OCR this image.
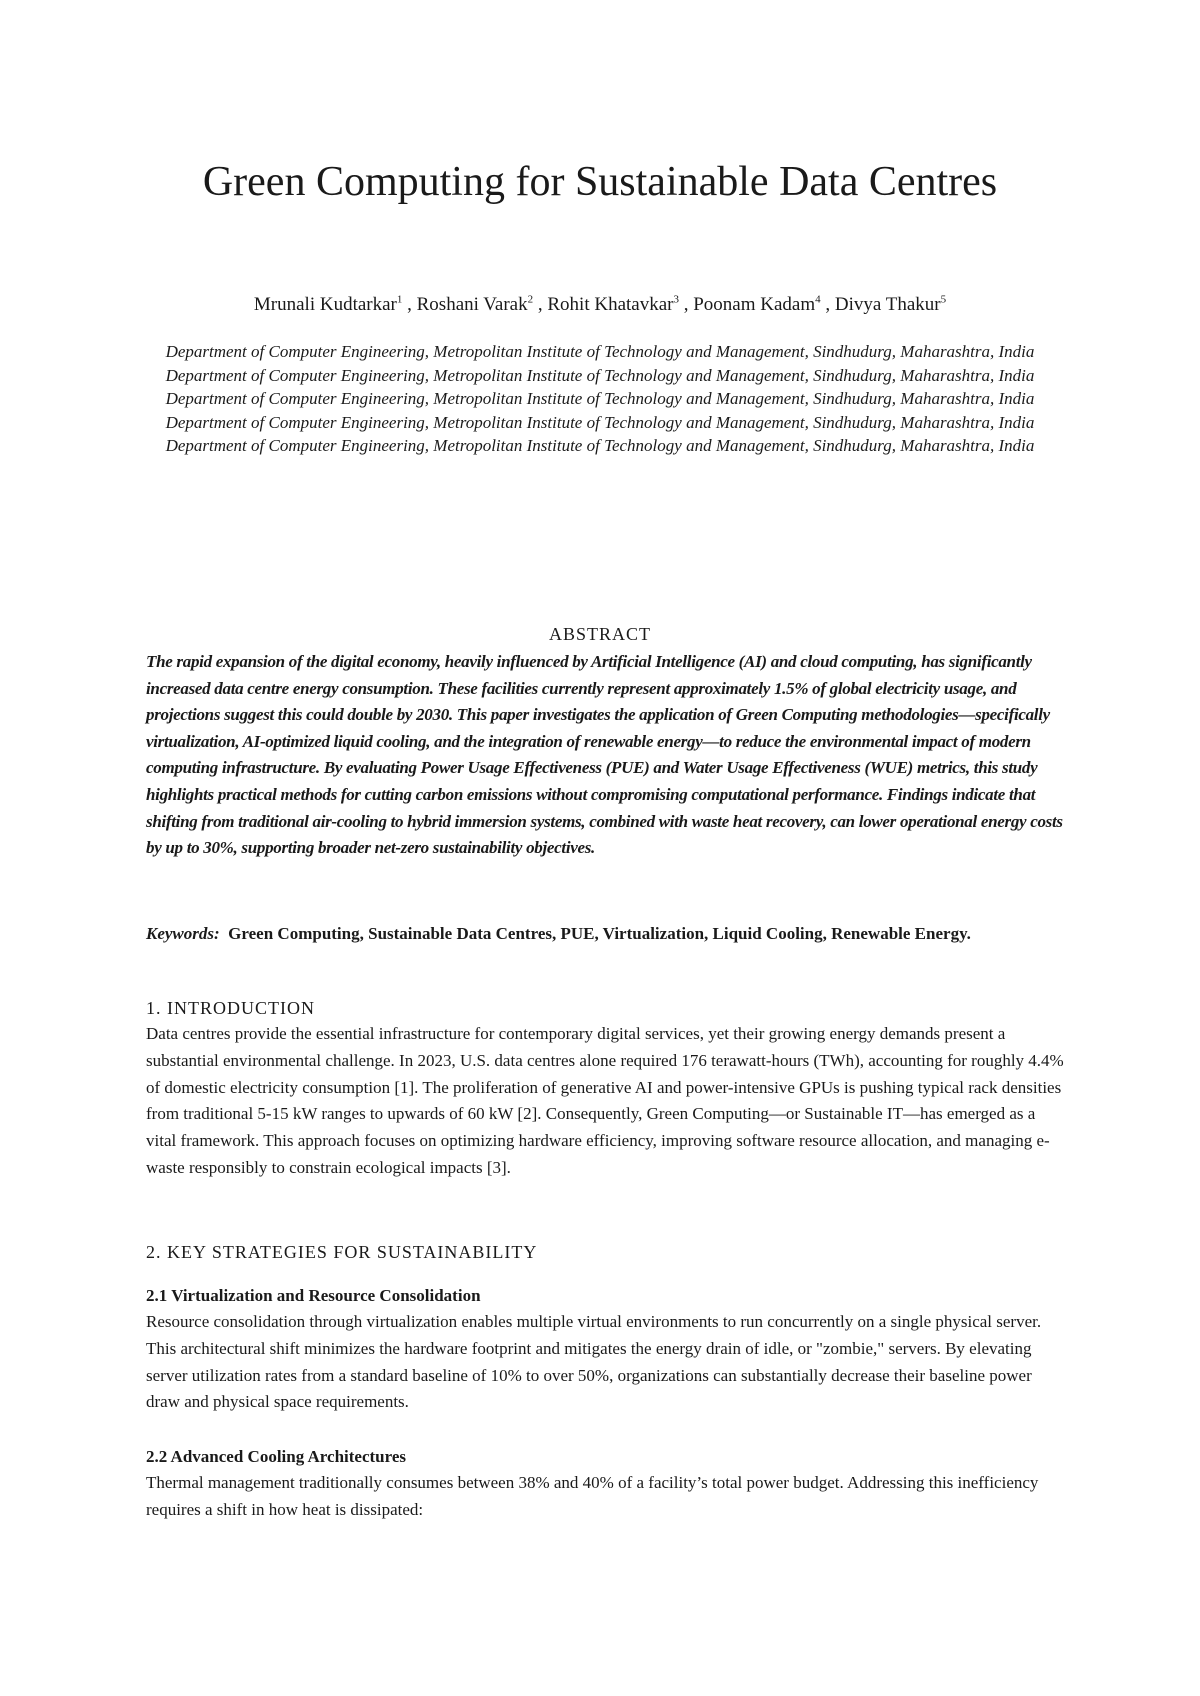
Green Computing for Sustainable Data Centres
Mrunali Kudtarkar$^1$ , Roshani Varak$^2$ , Rohit Khatavkar$^3$ , Poonam Kadam$^4$ , Divya Thakur$^5$
Department of Computer Engineering, Metropolitan Institute of Technology and Management, Sindhudurg, Maharashtra, India
Department of Computer Engineering, Metropolitan Institute of Technology and Management, Sindhudurg, Maharashtra, India
Department of Computer Engineering, Metropolitan Institute of Technology and Management, Sindhudurg, Maharashtra, India
Department of Computer Engineering, Metropolitan Institute of Technology and Management, Sindhudurg, Maharashtra, India
Department of Computer Engineering, Metropolitan Institute of Technology and Management, Sindhudurg, Maharashtra, India
ABSTRACT
The rapid expansion of the digital economy, heavily influenced by Artificial Intelligence (AI) and cloud computing, has significantly increased data centre energy consumption. These facilities currently represent approximately 1.5% of global electricity usage, and projections suggest this could double by 2030. This paper investigates the application of Green Computing methodologies—specifically virtualization, AI-optimized liquid cooling, and the integration of renewable energy—to reduce the environmental impact of modern computing infrastructure. By evaluating Power Usage Effectiveness (PUE) and Water Usage Effectiveness (WUE) metrics, this study highlights practical methods for cutting carbon emissions without compromising computational performance. Findings indicate that shifting from traditional air-cooling to hybrid immersion systems, combined with waste heat recovery, can lower operational energy costs by up to 30%, supporting broader net-zero sustainability objectives.
Keywords: Green Computing, Sustainable Data Centres, PUE, Virtualization, Liquid Cooling, Renewable Energy.
1. INTRODUCTION

Data centres provide the essential infrastructure for contemporary digital services, yet their growing energy demands present a substantial environmental challenge. In 2023, U.S. data centres alone required 176 terawatt-hours (TWh), accounting for roughly 4.4% of domestic electricity consumption [1]. The proliferation of generative AI and power-intensive GPUs is pushing typical rack densities from traditional 5-15 kW ranges to upwards of 60 kW [2]. Consequently, Green Computing—or Sustainable IT—has emerged as a vital framework. This approach focuses on optimizing hardware efficiency, improving software resource allocation, and managing e-waste responsibly to constrain ecological impacts [3].

2. KEY STRATEGIES FOR SUSTAINABILITY
2.1 Virtualization and Resource Consolidation

Resource consolidation through virtualization enables multiple virtual environments to run concurrently on a single physical server. This architectural shift minimizes the hardware footprint and mitigates the energy drain of idle, or "zombie," servers. By elevating server utilization rates from a standard baseline of 10% to over 50%, organizations can substantially decrease their baseline power draw and physical space requirements.

2.2 Advanced Cooling Architectures

Thermal management traditionally consumes between 38% and 40% of a facility’s total power budget. Addressing this inefficiency requires a shift in how heat is dissipated:
